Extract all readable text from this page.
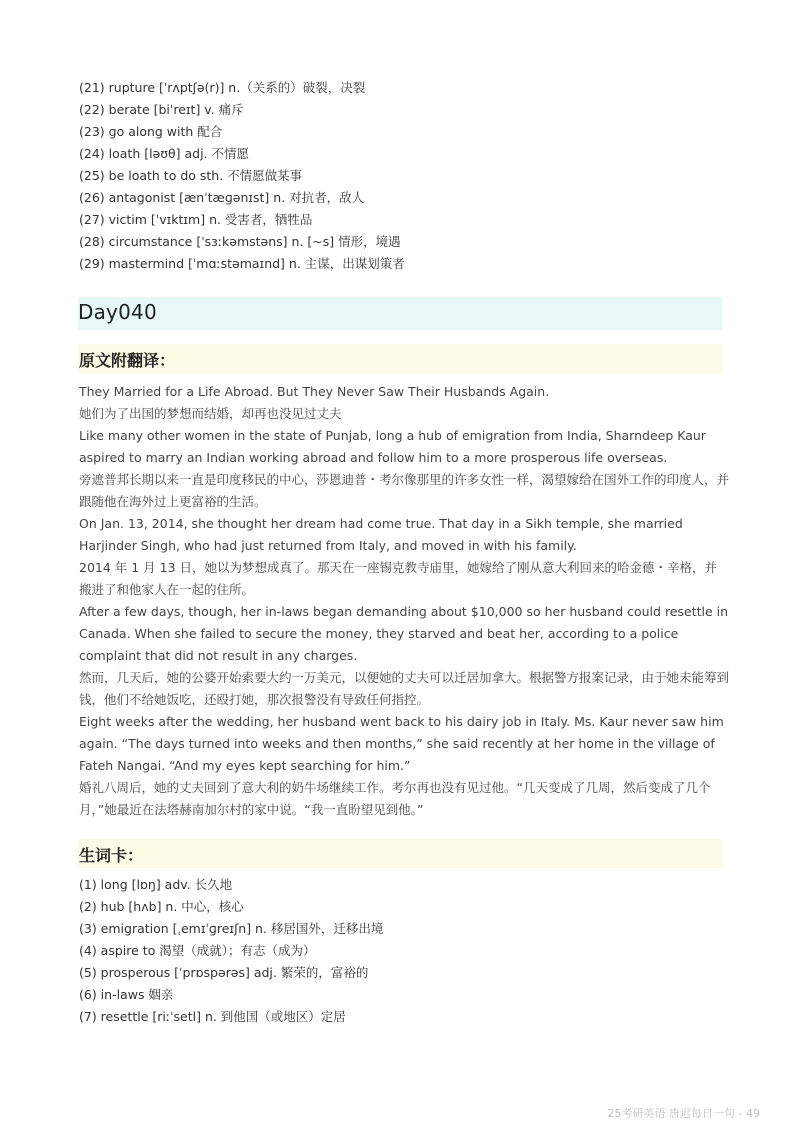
(21) rupture [ˈrʌptʃə(r)] n.（关系的）破裂，决裂
(22) berate [biˈreɪt] v. 痛斥
(23) go along with 配合
(24) loath [ləʊθ] adj. 不情愿
(25) be loath to do sth. 不情愿做某事
(26) antagonist [ænˈtæɡənɪst] n. 对抗者，敌人
(27) victim [ˈvɪktɪm] n. 受害者，牺牲品
(28) circumstance [ˈsɜːkəmstəns] n. [~s] 情形，境遇
(29) mastermind [ˈmɑːstəmaɪnd] n. 主谋，出谋划策者
Day040
原文附翻译：

They Married for a Life Abroad. But They Never Saw Their Husbands Again.

她们为了出国的梦想而结婚，却再也没见过丈夫

Like many other women in the state of Punjab, long a hub of emigration from India, Sharndeep Kaur aspired to marry an Indian working abroad and follow him to a more prosperous life overseas.

旁遮普邦长期以来一直是印度移民的中心，莎恩迪普・考尔像那里的许多女性一样，渴望嫁给在国外工作的印度人，并跟随他在海外过上更富裕的生活。

On Jan. 13, 2014, she thought her dream had come true. That day in a Sikh temple, she married Harjinder Singh, who had just returned from Italy, and moved in with his family.

2014 年 1 月 13 日，她以为梦想成真了。那天在一座锡克教寺庙里，她嫁给了刚从意大利回来的哈金德・辛格，并搬进了和他家人在一起的住所。

After a few days, though, her in-laws began demanding about $10,000 so her husband could resettle in Canada. When she failed to secure the money, they starved and beat her, according to a police complaint that did not result in any charges.

然而，几天后，她的公婆开始索要大约一万美元，以便她的丈夫可以迁居加拿大。根据警方报案记录，由于她未能筹到钱，他们不给她饭吃，还殴打她，那次报警没有导致任何指控。

Eight weeks after the wedding, her husband went back to his dairy job in Italy. Ms. Kaur never saw him again. “The days turned into weeks and then months,” she said recently at her home in the village of Fateh Nangai. “And my eyes kept searching for him.”

婚礼八周后，她的丈夫回到了意大利的奶牛场继续工作。考尔再也没有见过他。“几天变成了几周，然后变成了几个月，”她最近在法塔赫南加尔村的家中说。“我一直盼望见到他。”

生词卡：
(1) long [lɒŋ] adv. 长久地
(2) hub [hʌb] n. 中心，核心
(3) emigration [ˌemɪˈɡreɪʃn] n. 移居国外，迁移出境
(4) aspire to 渴望（成就）；有志（成为）
(5) prosperous [ˈprɒspərəs] adj. 繁荣的，富裕的
(6) in-laws 姻亲
(7) resettle [riːˈsetl] n. 到他国（或地区）定居
25考研英语 唐迟每日一句 - 49
